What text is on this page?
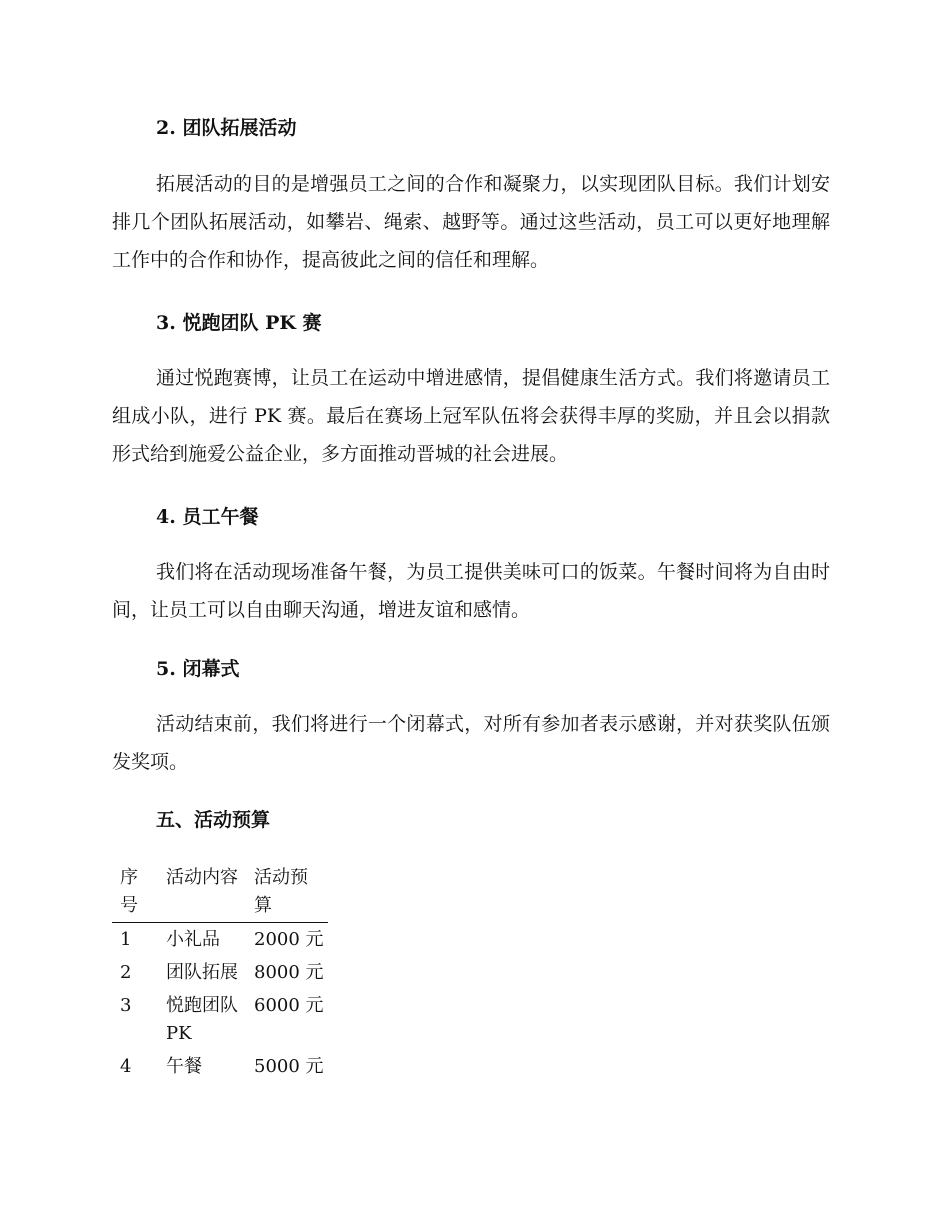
2. 团队拓展活动

拓展活动的目的是增强员工之间的合作和凝聚力，以实现团队目标。我们计划安排几个团队拓展活动，如攀岩、绳索、越野等。通过这些活动，员工可以更好地理解工作中的合作和协作，提高彼此之间的信任和理解。

3. 悦跑团队 PK 赛

通过悦跑赛博，让员工在运动中增进感情，提倡健康生活方式。我们将邀请员工组成小队，进行 PK 赛。最后在赛场上冠军队伍将会获得丰厚的奖励，并且会以捐款形式给到施爱公益企业，多方面推动晋城的社会进展。

4. 员工午餐

我们将在活动现场准备午餐，为员工提供美味可口的饭菜。午餐时间将为自由时间，让员工可以自由聊天沟通，增进友谊和感情。

5. 闭幕式

活动结束前，我们将进行一个闭幕式，对所有参加者表示感谢，并对获奖队伍颁发奖项。

五、活动预算
序号	活动内容	活动预算
1	小礼品	2000 元
2	团队拓展	8000 元
3	悦跑团队 PK	6000 元
4	午餐	5000 元
